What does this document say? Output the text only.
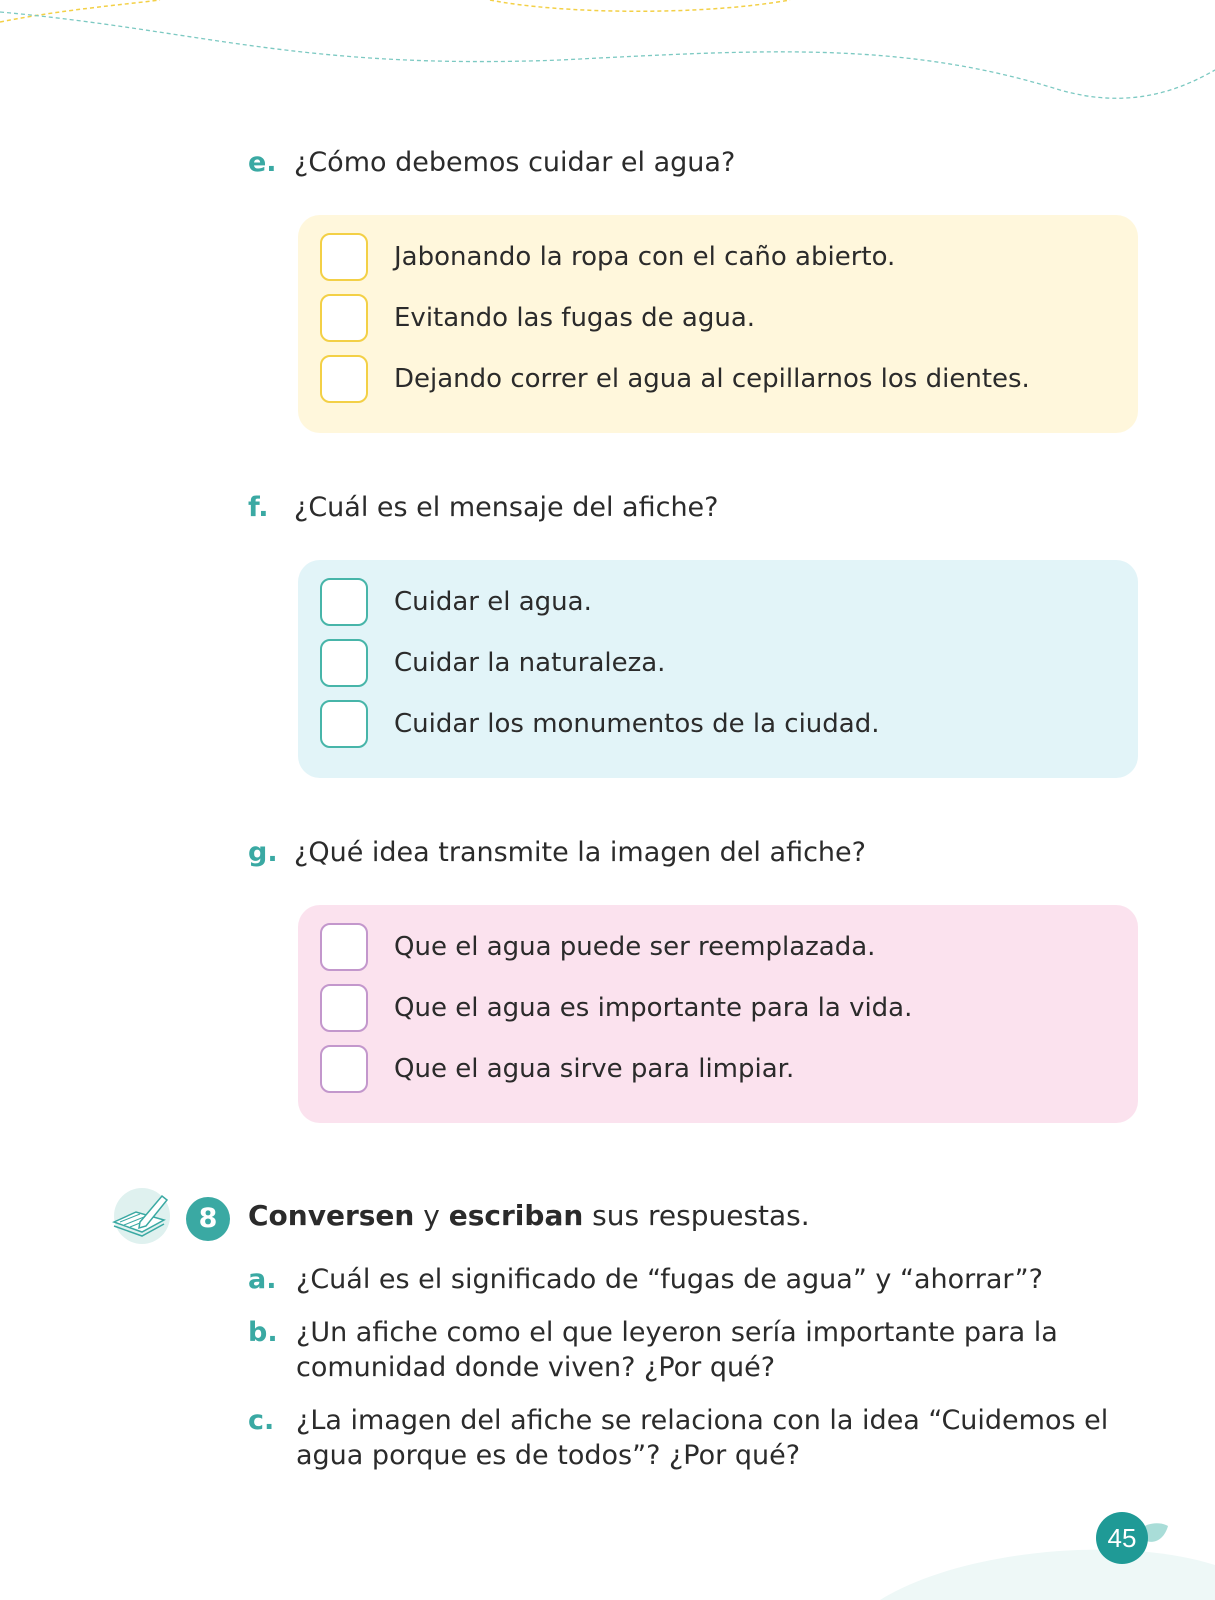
e. ¿Cómo debemos cuidar el agua?
Jabonando la ropa con el caño abierto.
Evitando las fugas de agua.
Dejando correr el agua al cepillarnos los dientes.
f. ¿Cuál es el mensaje del afiche?
Cuidar el agua.
Cuidar la naturaleza.
Cuidar los monumentos de la ciudad.
g. ¿Qué idea transmite la imagen del afiche?
Que el agua puede ser reemplazada.
Que el agua es importante para la vida.
Que el agua sirve para limpiar.
8	Conversen y escriban sus respuestas.
a. ¿Cuál es el significado de “fugas de agua” y “ahorrar”?
b. ¿Un afiche como el que leyeron sería importante para la comunidad donde viven? ¿Por qué?
c. ¿La imagen del afiche se relaciona con la idea “Cuidemos el agua porque es de todos”? ¿Por qué?
45
